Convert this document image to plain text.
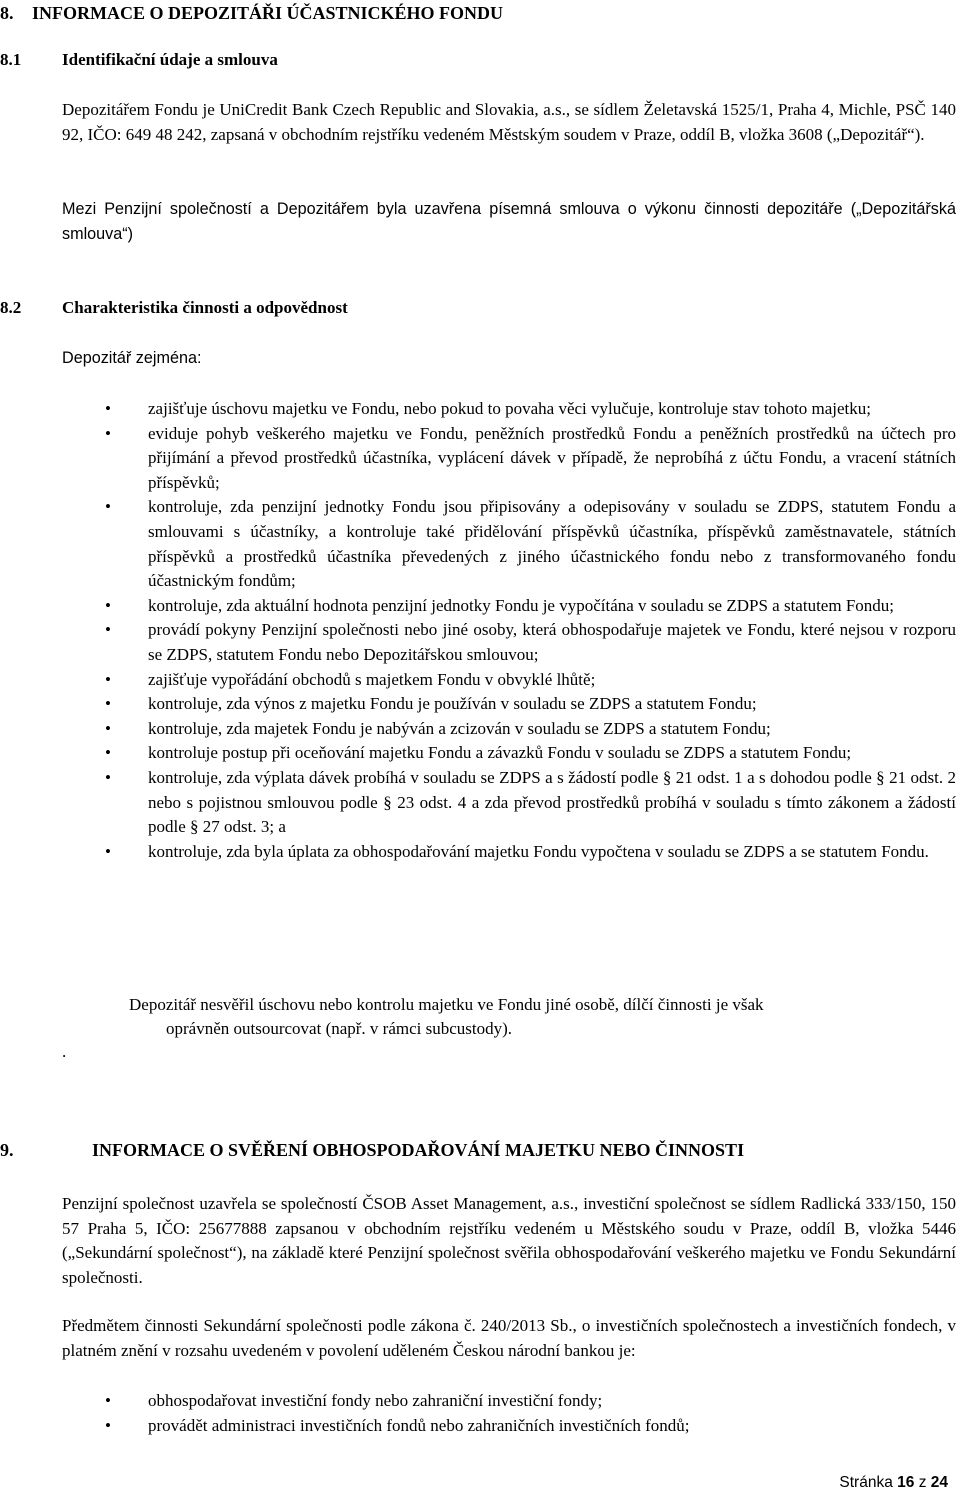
8. INFORMACE O DEPOZITÁŘI ÚČASTNICKÉHO FONDU
8.1 Identifikační údaje a smlouva
Depozitářem Fondu je UniCredit Bank Czech Republic and Slovakia, a.s., se sídlem Želetavská 1525/1, Praha 4, Michle, PSČ 140 92, IČO: 649 48 242, zapsaná v obchodním rejstříku vedeném Městským soudem v Praze, oddíl B, vložka 3608 („Depozitář“).
Mezi Penzijní společností a Depozitářem byla uzavřena písemná smlouva o výkonu činnosti depozitáře („Depozitářská smlouva“)
8.2 Charakteristika činnosti a odpovědnost
Depozitář zejména:
• zajišťuje úschovu majetku ve Fondu, nebo pokud to povaha věci vylučuje, kontroluje stav tohoto majetku;
• eviduje pohyb veškerého majetku ve Fondu, peněžních prostředků Fondu a peněžních prostředků na účtech pro přijímání a převod prostředků účastníka, vyplácení dávek v případě, že neprobíhá z účtu Fondu, a vracení státních příspěvků;
• kontroluje, zda penzijní jednotky Fondu jsou připisovány a odepisovány v souladu se ZDPS, statutem Fondu a smlouvami s účastníky, a kontroluje také přidělování příspěvků účastníka, příspěvků zaměstnavatele, státních příspěvků a prostředků účastníka převedených z jiného účastnického fondu nebo z transformovaného fondu účastnickým fondům;
• kontroluje, zda aktuální hodnota penzijní jednotky Fondu je vypočítána v souladu se ZDPS a statutem Fondu;
• provádí pokyny Penzijní společnosti nebo jiné osoby, která obhospodařuje majetek ve Fondu, které nejsou v rozporu se ZDPS, statutem Fondu nebo Depozitářskou smlouvou;
• zajišťuje vypořádání obchodů s majetkem Fondu v obvyklé lhůtě;
• kontroluje, zda výnos z majetku Fondu je používán v souladu se ZDPS a statutem Fondu;
• kontroluje, zda majetek Fondu je nabýván a zcizován v souladu se ZDPS a statutem Fondu;
• kontroluje postup při oceňování majetku Fondu a závazků Fondu v souladu se ZDPS a statutem Fondu;
• kontroluje, zda výplata dávek probíhá v souladu se ZDPS a s žádostí podle § 21 odst. 1 a s dohodou podle § 21 odst. 2 nebo s pojistnou smlouvou podle § 23 odst. 4 a zda převod prostředků probíhá v souladu s tímto zákonem a žádostí podle § 27 odst. 3; a
• kontroluje, zda byla úplata za obhospodařování majetku Fondu vypočtena v souladu se ZDPS a se statutem Fondu.
Depozitář nesvěřil úschovu nebo kontrolu majetku ve Fondu jiné osobě, dílčí činnosti je však
oprávněn outsourcovat (např. v rámci subcustody).
.
9.	INFORMACE O SVĚŘENÍ OBHOSPODAŘOVÁNÍ MAJETKU NEBO ČINNOSTI
Penzijní společnost uzavřela se společností ČSOB Asset Management, a.s., investiční společnost se sídlem Radlická 333/150, 150 57 Praha 5, IČO: 25677888 zapsanou v obchodním rejstříku vedeném u Městského soudu v Praze, oddíl B, vložka 5446 („Sekundární společnost“), na základě které Penzijní společnost svěřila obhospodařování veškerého majetku ve Fondu Sekundární společnosti.
Předmětem činnosti Sekundární společnosti podle zákona č. 240/2013 Sb., o investičních společnostech a investičních fondech, v platném znění v rozsahu uvedeném v povolení uděleném Českou národní bankou je:
• obhospodařovat investiční fondy nebo zahraniční investiční fondy;
• provádět administraci investičních fondů nebo zahraničních investičních fondů;
Stránka 16 z 24
